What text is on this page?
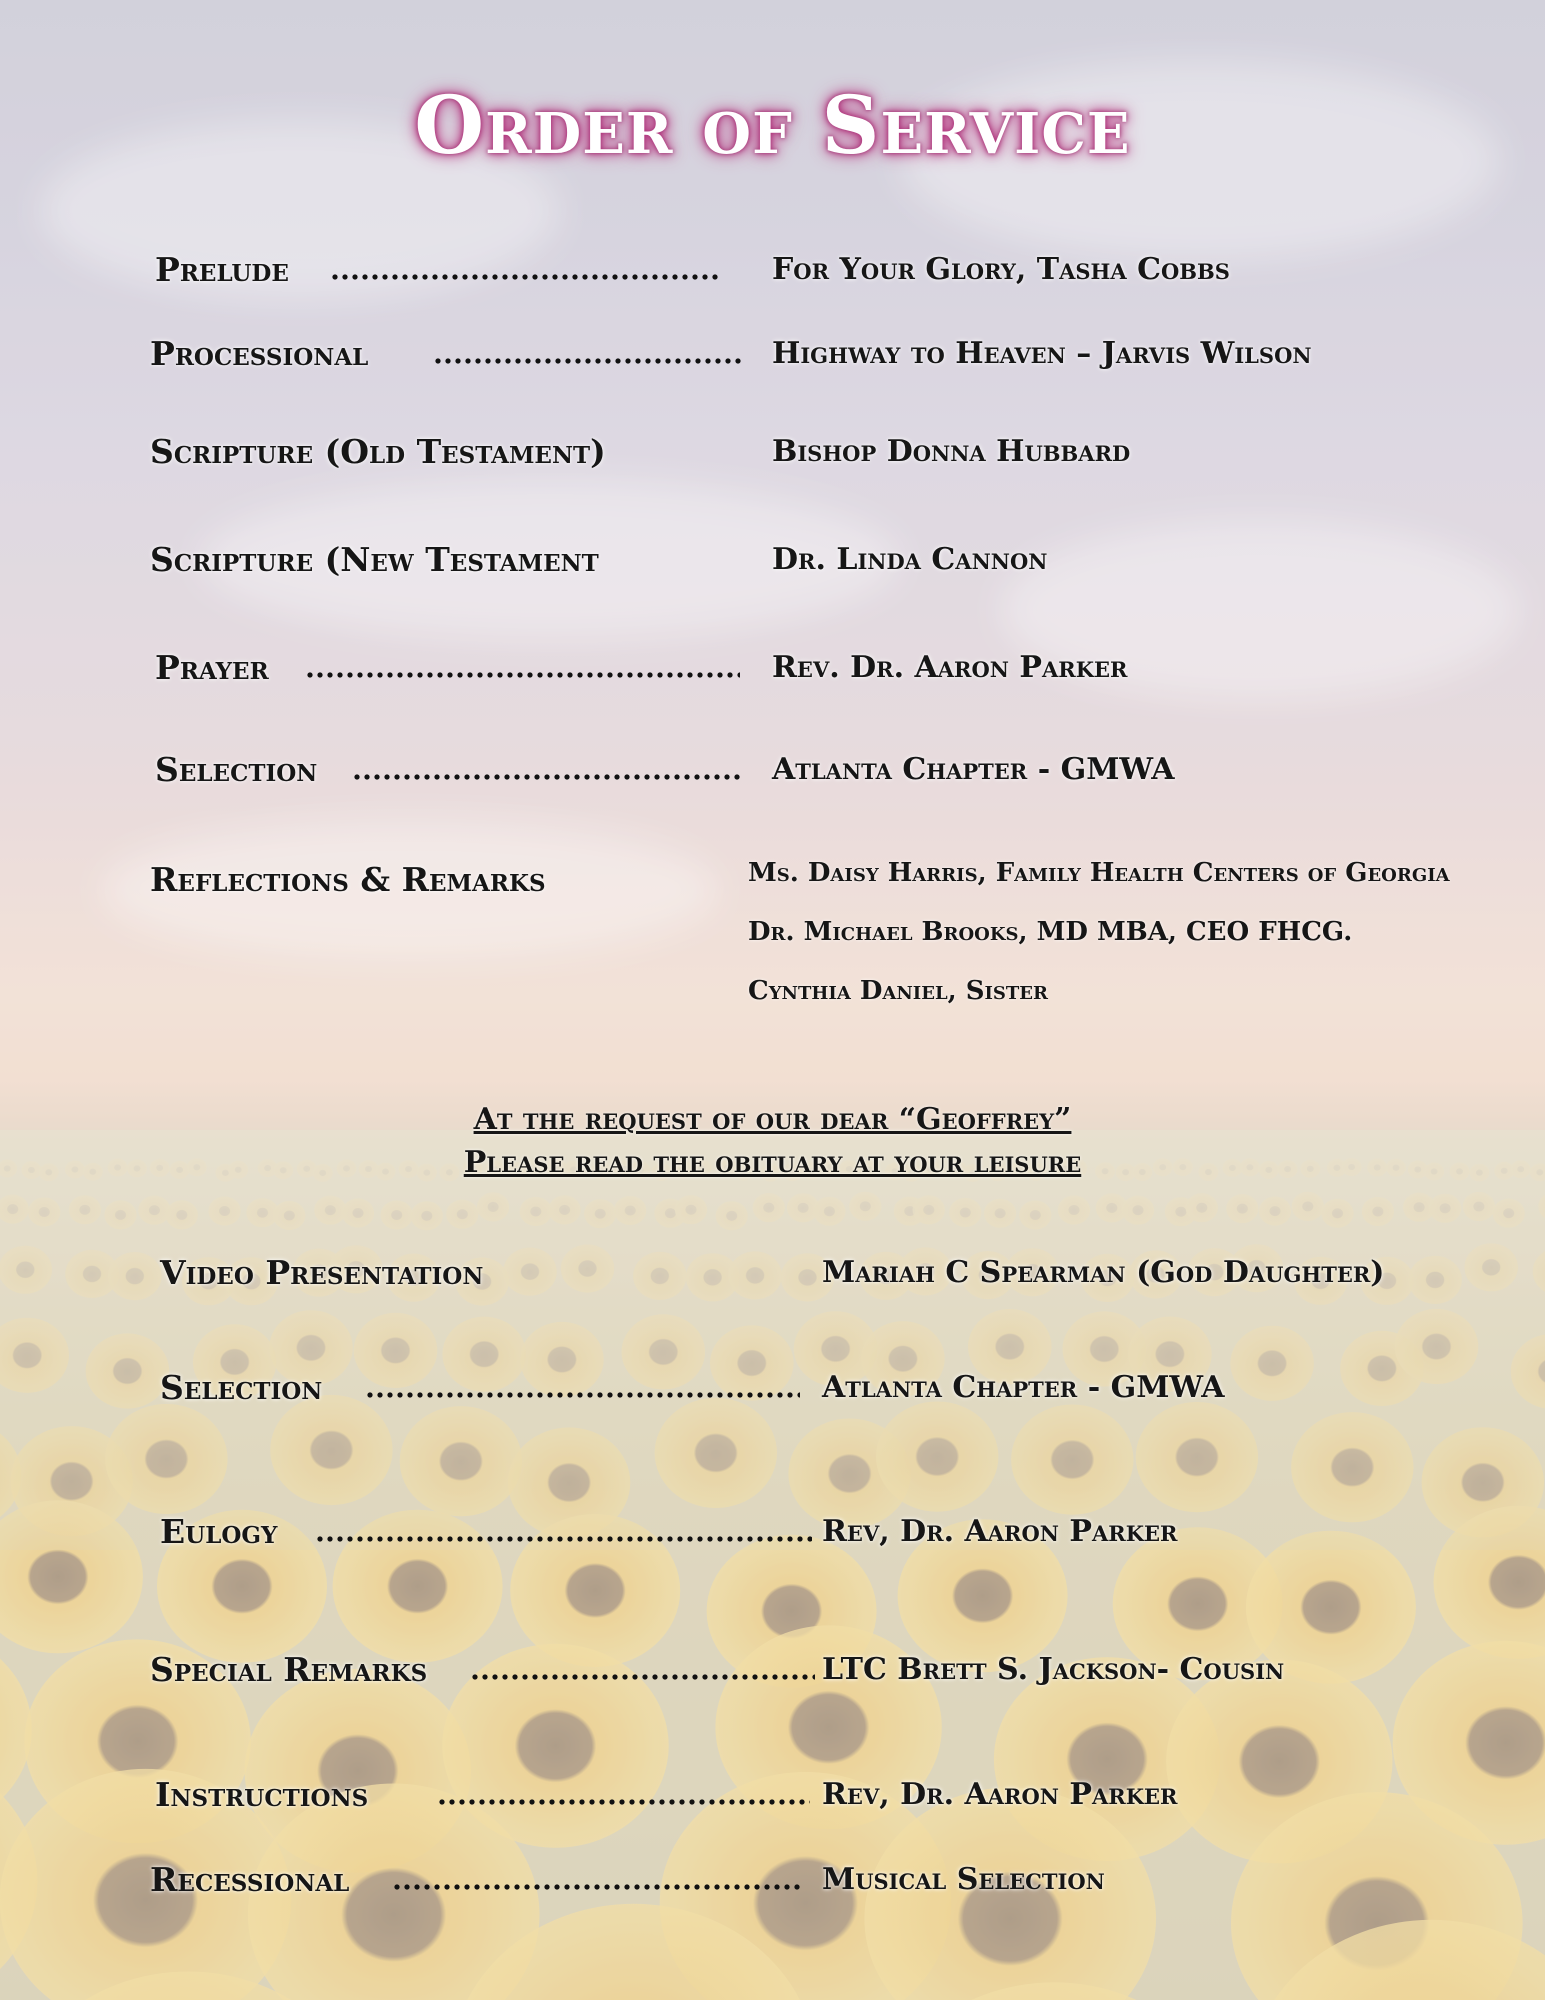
Order of Service
Prelude	For Your Glory, Tasha Cobbs
Processional	Highway to Heaven – Jarvis Wilson
Scripture (Old Testament)	Bishop Donna Hubbard
Scripture (New Testament	Dr. Linda Cannon
Prayer	Rev. Dr. Aaron Parker
Selection	Atlanta Chapter - GMWA
Reflections & Remarks	Ms. Daisy Harris, Family Health Centers of Georgia
Dr. Michael Brooks, MD MBA, CEO FHCG.
Cynthia Daniel, Sister
At the request of our dear “Geoffrey”
Please read the obituary at your leisure
Video Presentation	Mariah C Spearman (God Daughter)
Selection	Atlanta Chapter - GMWA
Eulogy	Rev, Dr. Aaron Parker
Special Remarks	LTC Brett S. Jackson- Cousin
Instructions	Rev, Dr. Aaron Parker
Recessional	Musical Selection
